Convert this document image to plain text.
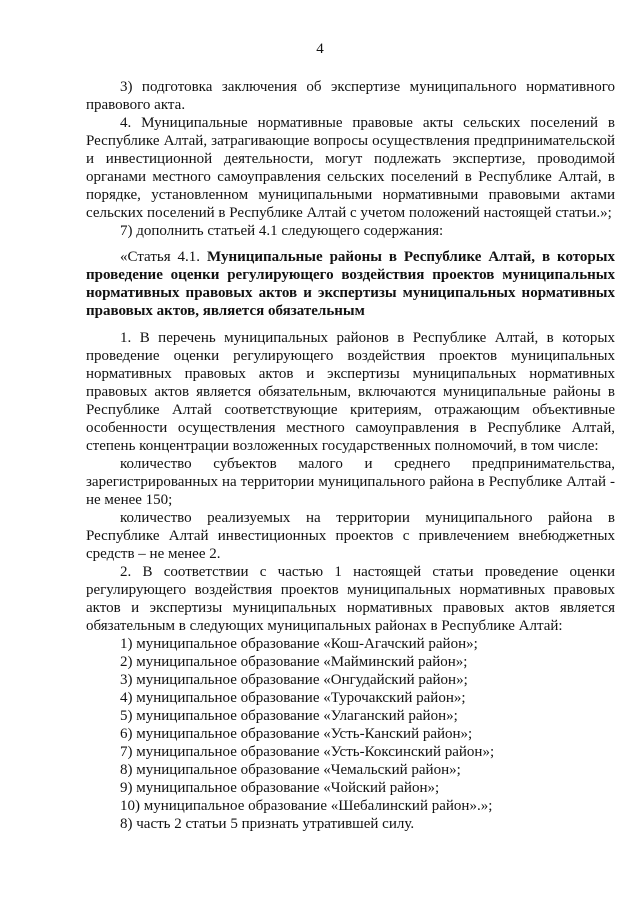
4

3) подготовка заключения об экспертизе муниципального нормативного правового акта.

4. Муниципальные нормативные правовые акты сельских поселений в Республике Алтай, затрагивающие вопросы осуществления предпринимательской и инвестиционной деятельности, могут подлежать экспертизе, проводимой органами местного самоуправления сельских поселений в Республике Алтай, в порядке, установленном муниципальными нормативными правовыми актами сельских поселений в Республике Алтай с учетом положений настоящей статьи.»;

7) дополнить статьей 4.1 следующего содержания:

«Статья 4.1. Муниципальные районы в Республике Алтай, в которых проведение оценки регулирующего воздействия проектов муниципальных нормативных правовых актов и экспертизы муниципальных нормативных правовых актов, является обязательным

1. В перечень муниципальных районов в Республике Алтай, в которых проведение оценки регулирующего воздействия проектов муниципальных нормативных правовых актов и экспертизы муниципальных нормативных правовых актов является обязательным, включаются муниципальные районы в Республике Алтай соответствующие критериям, отражающим объективные особенности осуществления местного самоуправления в Республике Алтай, степень концентрации возложенных государственных полномочий, в том числе:

количество субъектов малого и среднего предпринимательства, зарегистрированных на территории муниципального района в Республике Алтай - не менее 150;

количество реализуемых на территории муниципального района в Республике Алтай инвестиционных проектов с привлечением внебюджетных средств – не менее 2.

2. В соответствии с частью 1 настоящей статьи проведение оценки регулирующего воздействия проектов муниципальных нормативных правовых актов и экспертизы муниципальных нормативных правовых актов является обязательным в следующих муниципальных районах в Республике Алтай:

1) муниципальное образование «Кош-Агачский район»;
2) муниципальное образование «Майминский район»;
3) муниципальное образование «Онгудайский район»;
4) муниципальное образование «Турочакский район»;
5) муниципальное образование «Улаганский район»;
6) муниципальное образование «Усть-Канский район»;
7) муниципальное образование «Усть-Коксинский район»;
8) муниципальное образование «Чемальский район»;
9) муниципальное образование «Чойский район»;
10) муниципальное образование «Шебалинский район».»;

8) часть 2 статьи 5 признать утратившей силу.
